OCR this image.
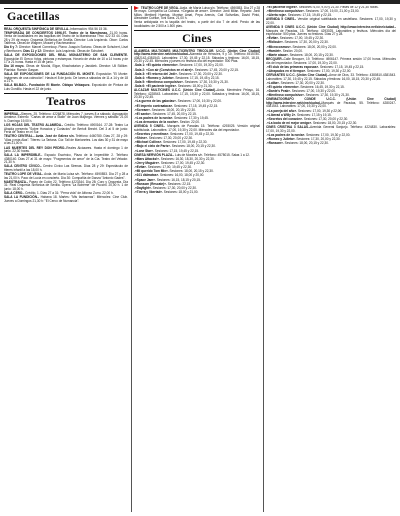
Gacetillas

REAL ORQUESTA SINFÓNICA DE SEVILLA.-Información: 954 56 15 36.

TEMPORADA DE CONCIERTOS 1996-97. Teatro de la Maestranza. 21,00 horas. Venta de localidades en las taquillas del Teatro de la Maestranza Tfno: 422 33 44. Días 28 y 29 de mayo: Orquesta Sinfónica de Sevilla. Director: Luis Izquierdo. Oboe: Carlos Taberna. Obras de Wagner, Mozart y Rachmaninov.

Día 6 y 7: Director: Marcel Corneloup. Piano: Joaquín Soriano. Obras de Schubert, Liszt y Beethoven. Días 11 y 12: Director: Luis Izquierdo. Obras de Schubert.

SALA DE EXPOSICIONES DEL REAL MONASTERIO DE SAN CLEMENTE. Exposición El Greco: fotos, pinturas y estampas. Horario de visita de 10 a 14 horas y de 17 a 21 horas. Hasta el 15 de junio.

Día 16 mayo. Obras de Nicolai, Elgar, Khachaturian y Janáček. Director: Uli Stölker. Pianista: Ramón Gaspar.

SALA DE EXPOSICIONES DE LA FUNDACIÓN EL MONTE. Exposición "El Monte: Imágenes de una colección". Hasta el 8 de junio. De lunes a sábados de 11 a 14 y de 18 a 21 h.

SALA BILBAO.- Fundación El Monte. Obispo Velázquez. Exposición de Pintura de Luis Gordillo. Hasta el 22 de junio.

Teatros

IMPERIAL.-Sierpes, 25. Teléfono: 4226878. Miércoles 7, jueves 8 a sábado. Agrupación Amateur. Estreno: "Cartas de amor a Stalin" de Juan Mayorga. Viernes y sábado: 21,00 h. Domingo 19,00 h.

LOS HOJAS DEL TEATRO ALAMEDA.- Crédito. Teléfono 4900164. 27-28: Teatro La Abadía presenta "Sobre Horacios y Curiacios" de Bertolt Brecht. Del 3 al 5 de junio: Feria de Teatro en el Sur.

TEATRO CENTRAL.- Avda. José de Gálvez s/n. Teléfono: 4460780. Días 27, 28 y 29: "Alas y más Alas". Títeres: La Tartana. Cía: Tall de Marionetes. Los días 30 y 31 de mayo a las 21,00 h.

LAS MUERTES DEL REY DON PEDRO.-Reales Alcázares. Hasta el domingo 1 de junio. 22,30 horas.

SALA LA IMPERDIBLE.- Espacio Escénico, Plaza de la Imperdible 2. Teléfono 4380140. Días 27 al 31 de mayo: "Fragmentos de amor" de la Cía. Teatro del Velador. 21,30 h.

SALA CENTRO CÍVICO.- Centro Cívico Las Sirenas. Días 28 y 29: Espectáculo de títeres infantil a las 18,00 h.

TEATRO LOPE DE VEGA.- Avda. de María Luisa s/n. Teléfono: 4590853. Día 27 y 28 a las 21,00 h. Paco de Lucía en concierto. Día 30: Compañía de Danza "Antonio Gades".

MAESTRANZA.- Paseo de Colón 22. Teléfono 4223344. Día 28: Coro y Orquesta. Día 31: Real Orquesta Sinfónica de Sevilla. Ópera "La Bohème" de Puccini. 20,00 h. 1 de junio: 18,00 h.

SALA CERO.- Crédito, 1. Días 27 a 31: "Perra vida" de Alfonso Zurro. 22,00 h.

SALA LA FUNDICIÓN.- Habana 18. Martes: "Mis fantasmas". Miércoles: Cine Club. Jueves a Domingos 21,30 h: "El Cerco de Numancia".

TEATRO LOPE DE VEGA.-Avda. de María Luisa s/n. Teléfono: 4590853. Día 27 y 28 de mayo. Compañía La Cubana. «Cegada de amor». Director: Jordi Milán. Reparto: Jordi Milán, Meritxell Huertas, Montse Amat, Pepa Arenós, Cati Solivellas, David Pintó, Alexandre Cuéllar, Toni Sans. 21,00 h.

Venta anticipada en la taquilla del teatro, a partir del día 7 de abril. Precio de las localidades: de 2.500 a 1.500 ptas.

Cines

ALAMEDA MULTICINES MULTICENTRO TRICOLOR. U.C.C. (Unión Cine Ciudad) http://www.intercine.net/cine/ciudad.-Alameda de Hércules, 9 y 10. Teléfono 4915780-4382142-4381543. Laborables: 17,30, 19,45 y 22,15. Sábados y festivos: 16,00, 18,15, 20,30 y 22,45. Miércoles y jueves no festivos día del espectador: 500 Ptas.

-Sala 1: «El quinto elemento». Sesiones: 17,00, 19,30 y 22,00.

-Sala 2: «Con air (Convictos en el aire)». Sesiones: 17,45, 20,00 y 22,15.

-Sala 3: «El retorno del Jedi». Sesiones: 17,30, 20,00 y 22,30.

-Sala 4: «Romeo y Julieta». Sesiones: 17,15, 19,45 y 22,15.

-Sala 5: «Mentiroso compulsivo». Sesiones: 17,30, 19,30 y 21,30.

-Sala 6: «El paciente inglés». Sesiones: 18,00 y 21,30.

ALCAZAR MULTICINES U.C.C. (Unión Cine Ciudad).-Avda. Menéndez Pelayo, 16. Teléfono: 4228543. Laborables: 17,15, 19,30 y 22,00. Sábados y festivos: 16,00, 18,15, 20,30 y 22,45.

-«La guerra de las galaxias». Sesiones: 17,00, 19,30 y 22,00.

-«El imperio contraataca». Sesiones: 17,15, 19,45 y 22,15.

-«Scream». Sesiones: 18,00, 20,15 y 22,30.

-«El santo». Sesiones: 17,45, 20,00 y 22,15.

-«Los padres de la novia». Sesiones: 17,30 y 19,45.

-«Los demonios de la noche». Sesión: 22,00.

AVENIDA 5 CINES.- Marqués de Paradas 15. Teléfono: 4293025. Versión original subtitulada. Laborables: 17,00, 19,30 y 22,00. Miércoles día del espectador.

-«Secretos y mentiras». Sesiones: 17,00, 19,45 y 22,30.

-«Shine». Sesiones: 17,30, 20,00 y 22,30.

-«Michael Collins». Sesiones: 17,00, 19,45 y 22,30.

-«Bajo el cielo de París». Sesiones: 18,00, 20,15 y 22,30.

-«Lone Star». Sesiones: 17,15, 19,45 y 22,15.

CINESA NERVIÓN PLAZA.- Luis de Morales s/n. Teléfono: 4578015. Salas 1 a 12.

-«Mars Attacks!». Sesiones: 16,30, 18,30, 20,30 y 22,30.

-«Jerry Maguire». Sesiones: 17,00, 19,45 y 22,30.

-«Evita». Sesiones: 17,00, 19,45 y 22,30.

-«Mi querido Tom Mix». Sesiones: 18,00, 20,15 y 22,30.

-«101 dálmatas». Sesiones: 16,00, 18,00 y 20,00.

-«Space Jam». Sesiones: 16,15, 18,15 y 20,15.

-«Ransom (Rescate)». Sesiones: 22,15.

-«Daylight». Sesiones: 17,30, 20,00 y 22,30.

-«Tierra y libertad». Sesiones: 18,00 y 21,00.

-«El paciente inglés». Sesiones: 6,00, 9,00 y 21,30. Pases de 12 y 21,30 horas.

-«Mentiroso compulsivo». Sesiones: 17,00, 19,00, 21,00 y 23,00.

-«Alerta roja». Sesiones: 17,15, 19,45 y 22,15.

AVENIDA 5 CINES.- Versión original subtitulada en castellano. Sesiones: 17,00, 19,30 y 22,00.

AVENIDA 5 CINES U.C.C. (Unión Cine Ciudad) http://www.intercine.net/cine/ciudad.-Marqués de Paradas, 15. Teléfono: 4293025. Laborables y festivos. Miércoles día del espectador: 500 ptas. Jueves no festivos. Días 27 y 28.

-«Evita». Sesiones: 17,00, 19,45 y 22,30.

-«Ridicule». Sesiones: 17,30, 20,00 y 22,30.

-«Microcosmos». Sesiones: 18,00, 20,00 y 22,00.

-«Hamlet». Sesión: 20,00.

-«Marte ataca». Sesiones: 18,00, 20,15 y 22,30.

BECQUER.-Calle Becquer, 19. Teléfono: 4906147. Primera sesión 17,00 horas. Miércoles día del espectador. Sesiones: 17,00, 19,30 y 22,00.

-«El club de las primeras esposas». Sesiones: 17,15, 19,45 y 22,15.

-«Atrapados en el tiempo». Sesiones: 17,00, 19,30 y 22,00.

CERVANTES U.C.C. (Unión Cine Ciudad).-Amor de Dios, 33. Teléfono: 4380810-4381543. Laborables: 17,30, 19,45 y 22,15. Sábados y festivos: 16,00, 18,15, 20,30 y 22,45.

-«Lolita». Sesiones: 17,30, 20,00 y 22,30.

-«El quinto elemento». Sesiones: 16,45, 19,30 y 22,15.

-«Dante's Peak». Sesiones: 17,00, 19,30 y 22,00.

-«Mentiroso compulsivo». Sesiones: 17,30, 19,30 y 21,30.

CINEMATOGRAFO CONDE U.C.C. (Unión Cine Ciudad) http://www.intercine.net/cine/ciudad.-Marqués de Paradas, 55. Teléfono: 4280247-4381543. Laborables: 17,00, 19,30 y 22,00.

-«La pareja del año». Sesiones: 17,00, 19,30 y 22,00.

-«Liberad a Willy 2». Sesiones: 17,15 y 19,15.

-«Secretos del corazón». Sesiones: 17,30, 20,00 y 22,30.

-«La boda de mi mejor amigo». Sesiones: 18,00, 20,15 y 22,30.

CINES CRISTINA 3 SALAS.-Avenida General Sanjurjo. Teléfono: 4224830. Laborables: 17,00, 19,30 y 22,00.

-«Los padres de la novia». Sesiones: 17,00, 19,30 y 22,00.

-«Romeo y Julieta». Sesiones: 17,30, 20,00 y 22,30.

-«Ransom». Sesiones: 18,00, 20,15 y 22,30.
